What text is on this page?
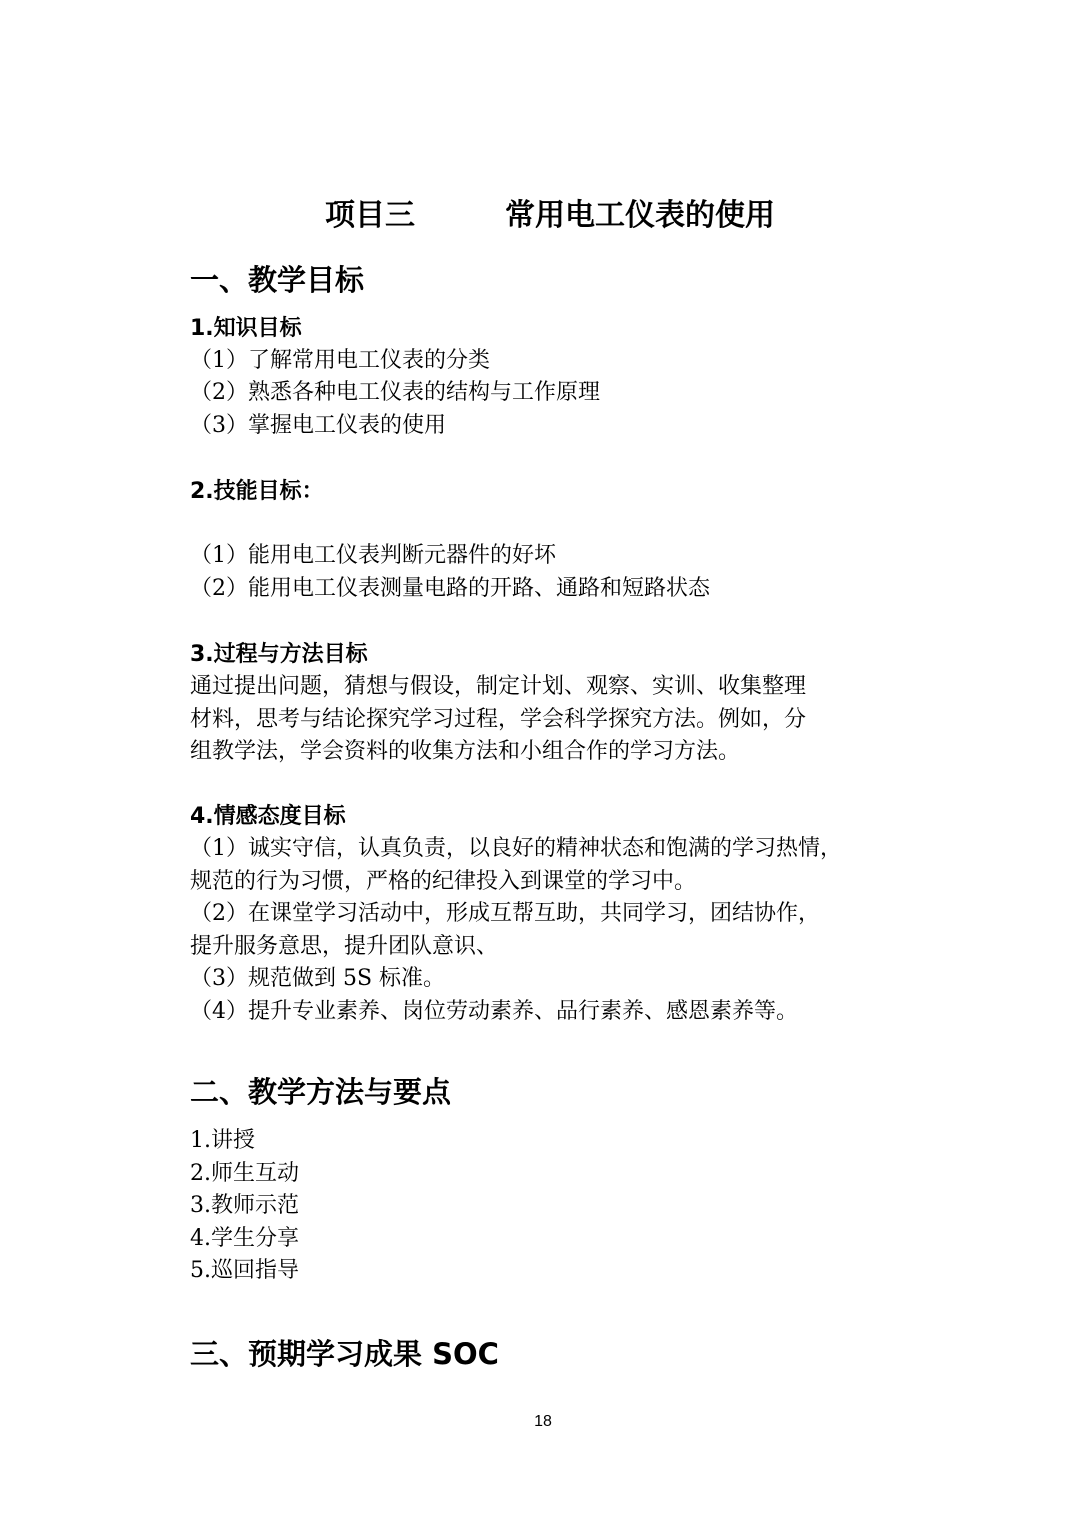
项目三　　　常用电工仪表的使用
一、教学目标
1.知识目标
（1）了解常用电工仪表的分类
（2）熟悉各种电工仪表的结构与工作原理
（3）掌握电工仪表的使用
2.技能目标：
（1）能用电工仪表判断元器件的好坏
（2）能用电工仪表测量电路的开路、通路和短路状态
3.过程与方法目标
通过提出问题，猜想与假设，制定计划、观察、实训、收集整理
材料，思考与结论探究学习过程，学会科学探究方法。例如，分
组教学法，学会资料的收集方法和小组合作的学习方法。
4.情感态度目标
（1）诚实守信，认真负责，以良好的精神状态和饱满的学习热情，
规范的行为习惯，严格的纪律投入到课堂的学习中。
（2）在课堂学习活动中，形成互帮互助，共同学习，团结协作，
提升服务意思，提升团队意识、
（3）规范做到 5S 标准。
（4）提升专业素养、岗位劳动素养、品行素养、感恩素养等。
二、教学方法与要点
1.讲授
2.师生互动
3.教师示范
4.学生分享
5.巡回指导
三、预期学习成果 SOC
18
